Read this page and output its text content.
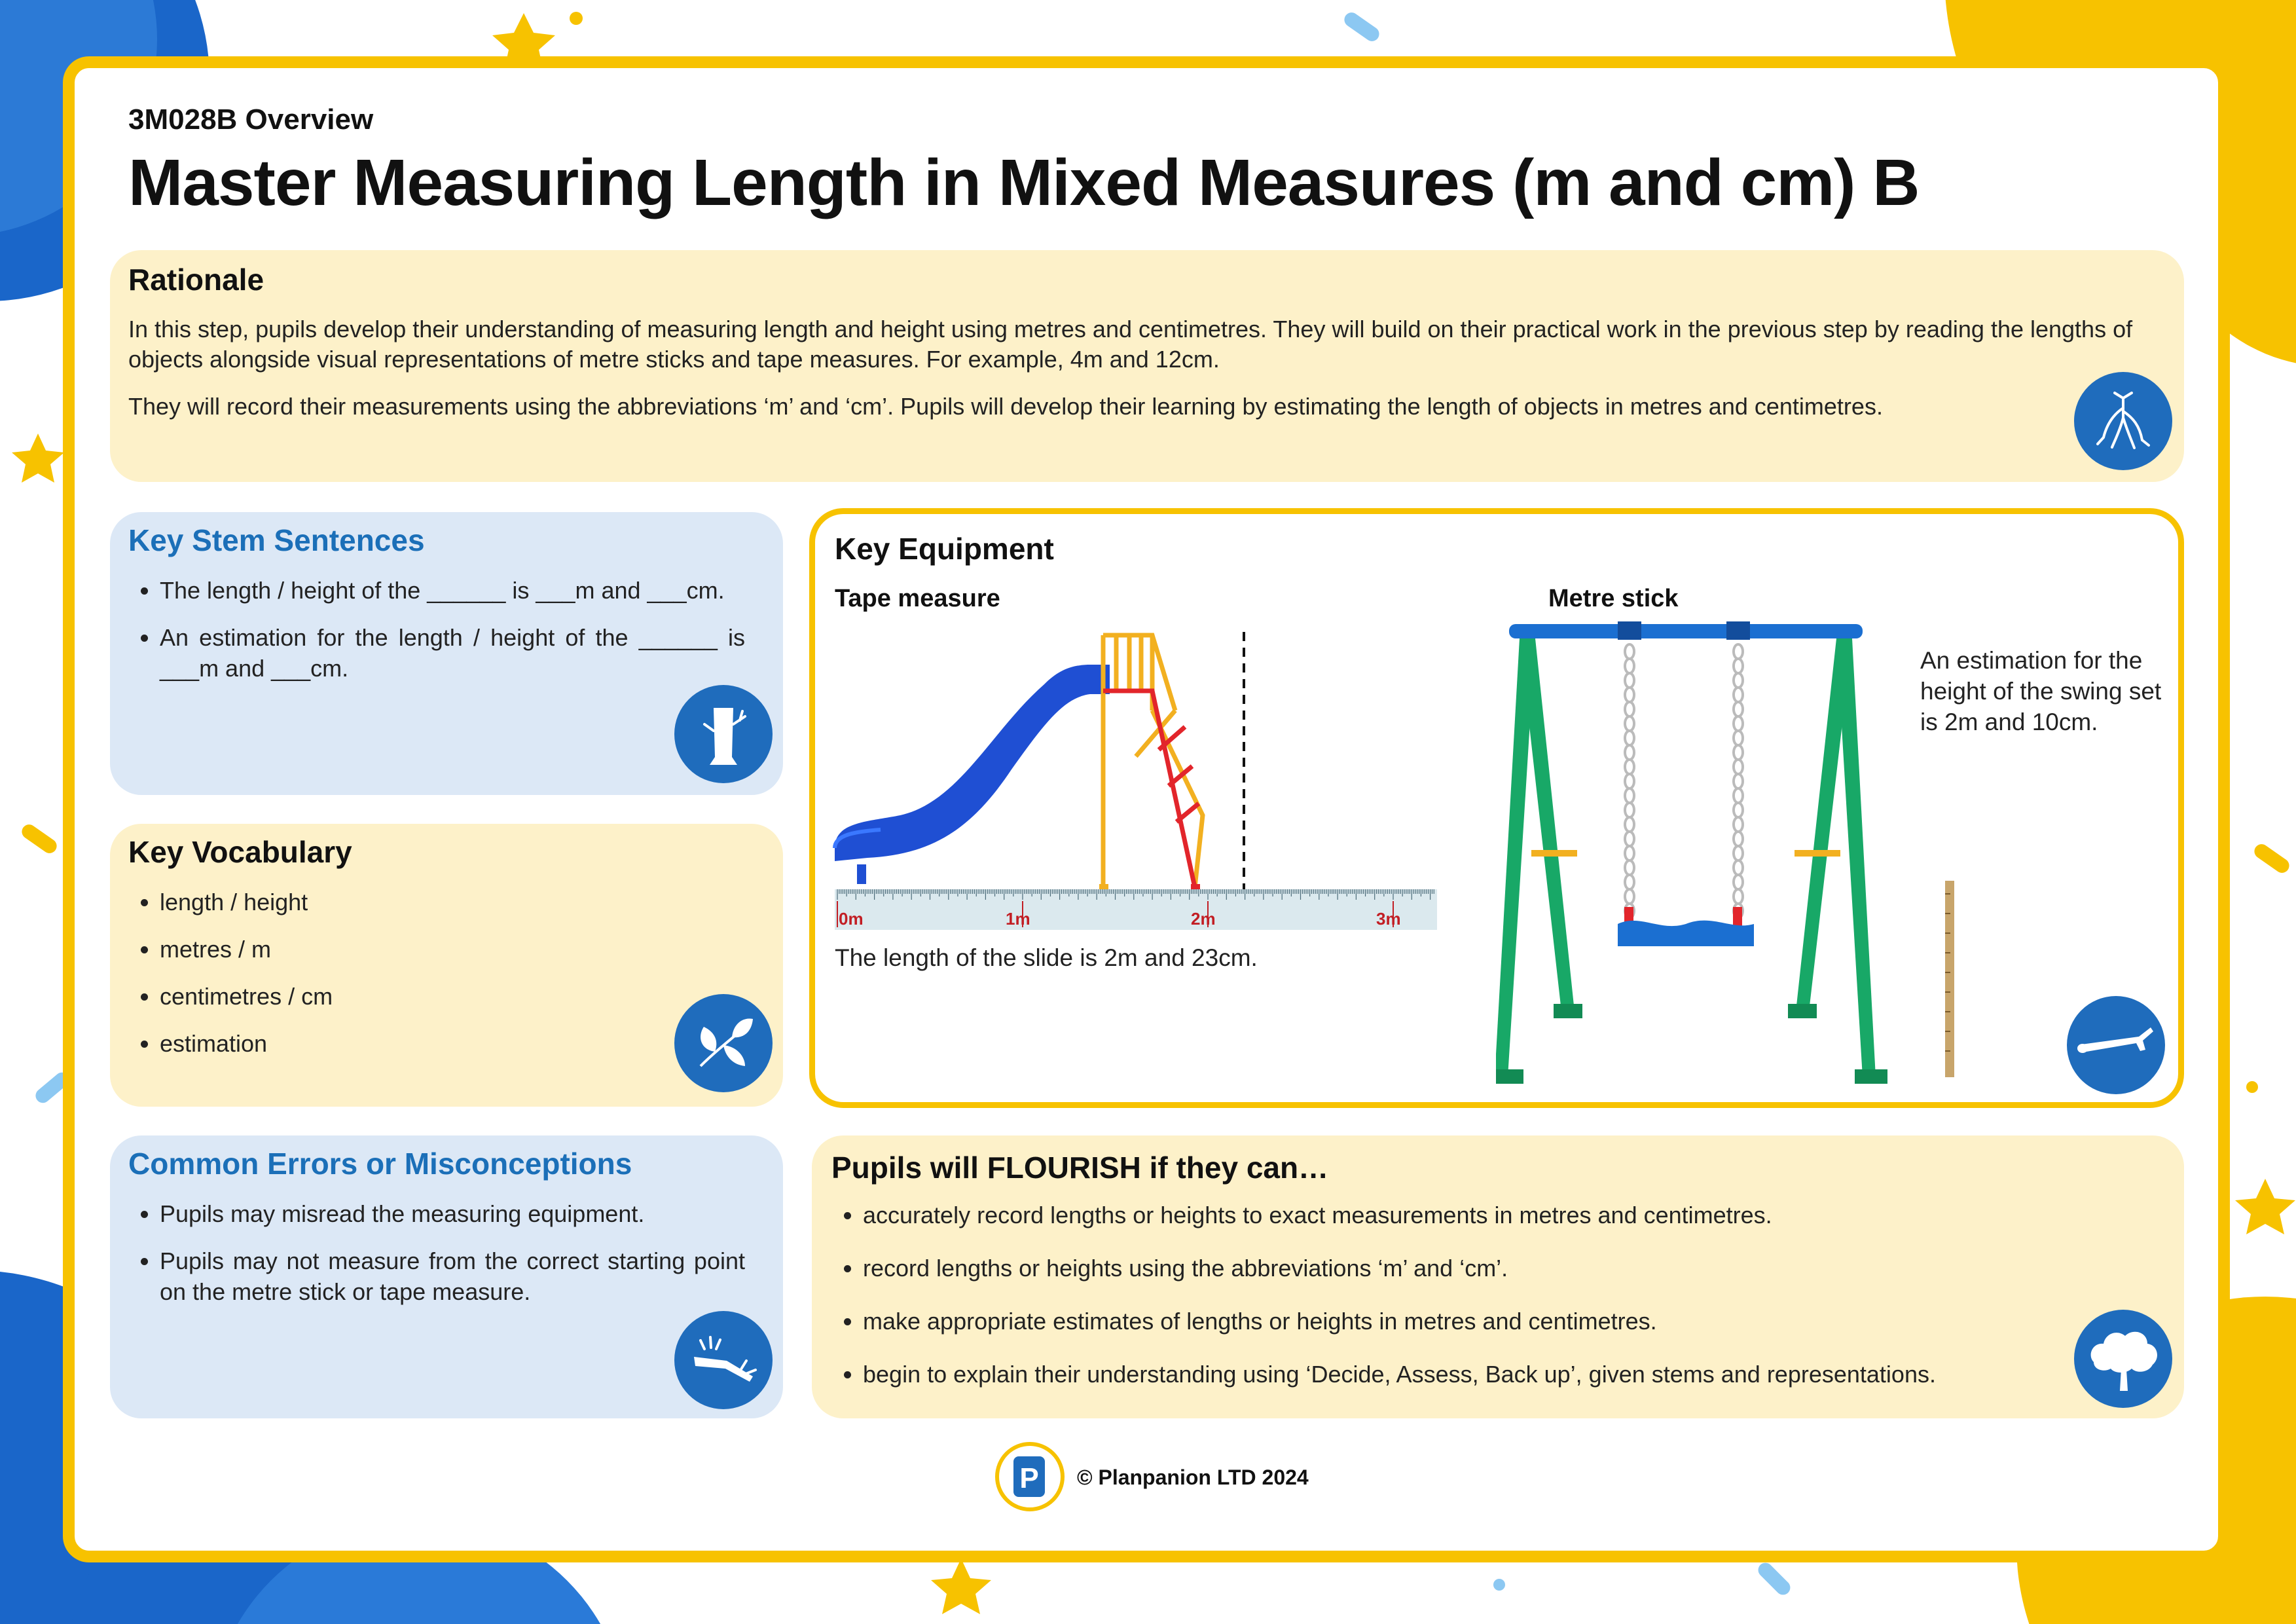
3M028B Overview
Master Measuring Length in Mixed Measures (m and cm) B
Rationale
In this step, pupils develop their understanding of measuring length and height using metres and centimetres. They will build on their practical work in the previous step by reading the lengths of objects alongside visual representations of metre sticks and tape measures. For example, 4m and 12cm.
They will record their measurements using the abbreviations ‘m’ and ‘cm’. Pupils will develop their learning by estimating the length of objects in metres and centimetres.
Key Stem Sentences
• The length / height of the ______ is ___m and ___cm.
• An estimation for the length / height of the ______ is ___m and ___cm.
Key Vocabulary
• length / height
• metres / m
• centimetres / cm
• estimation
Common Errors or Misconceptions
• Pupils may misread the measuring equipment.
• Pupils may not measure from the correct starting point on the metre stick or tape measure.
Key Equipment
Tape measure	Metre stick
0m	1m	2m	3m
The length of the slide is 2m and 23cm.
An estimation for the height of the swing set is 2m and 10cm.
Pupils will FLOURISH if they can…
• accurately record lengths or heights to exact measurements in metres and centimetres.
• record lengths or heights using the abbreviations ‘m’ and ‘cm’.
• make appropriate estimates of lengths or heights in metres and centimetres.
• begin to explain their understanding using ‘Decide, Assess, Back up’, given stems and representations.
P © Planpanion LTD 2024
